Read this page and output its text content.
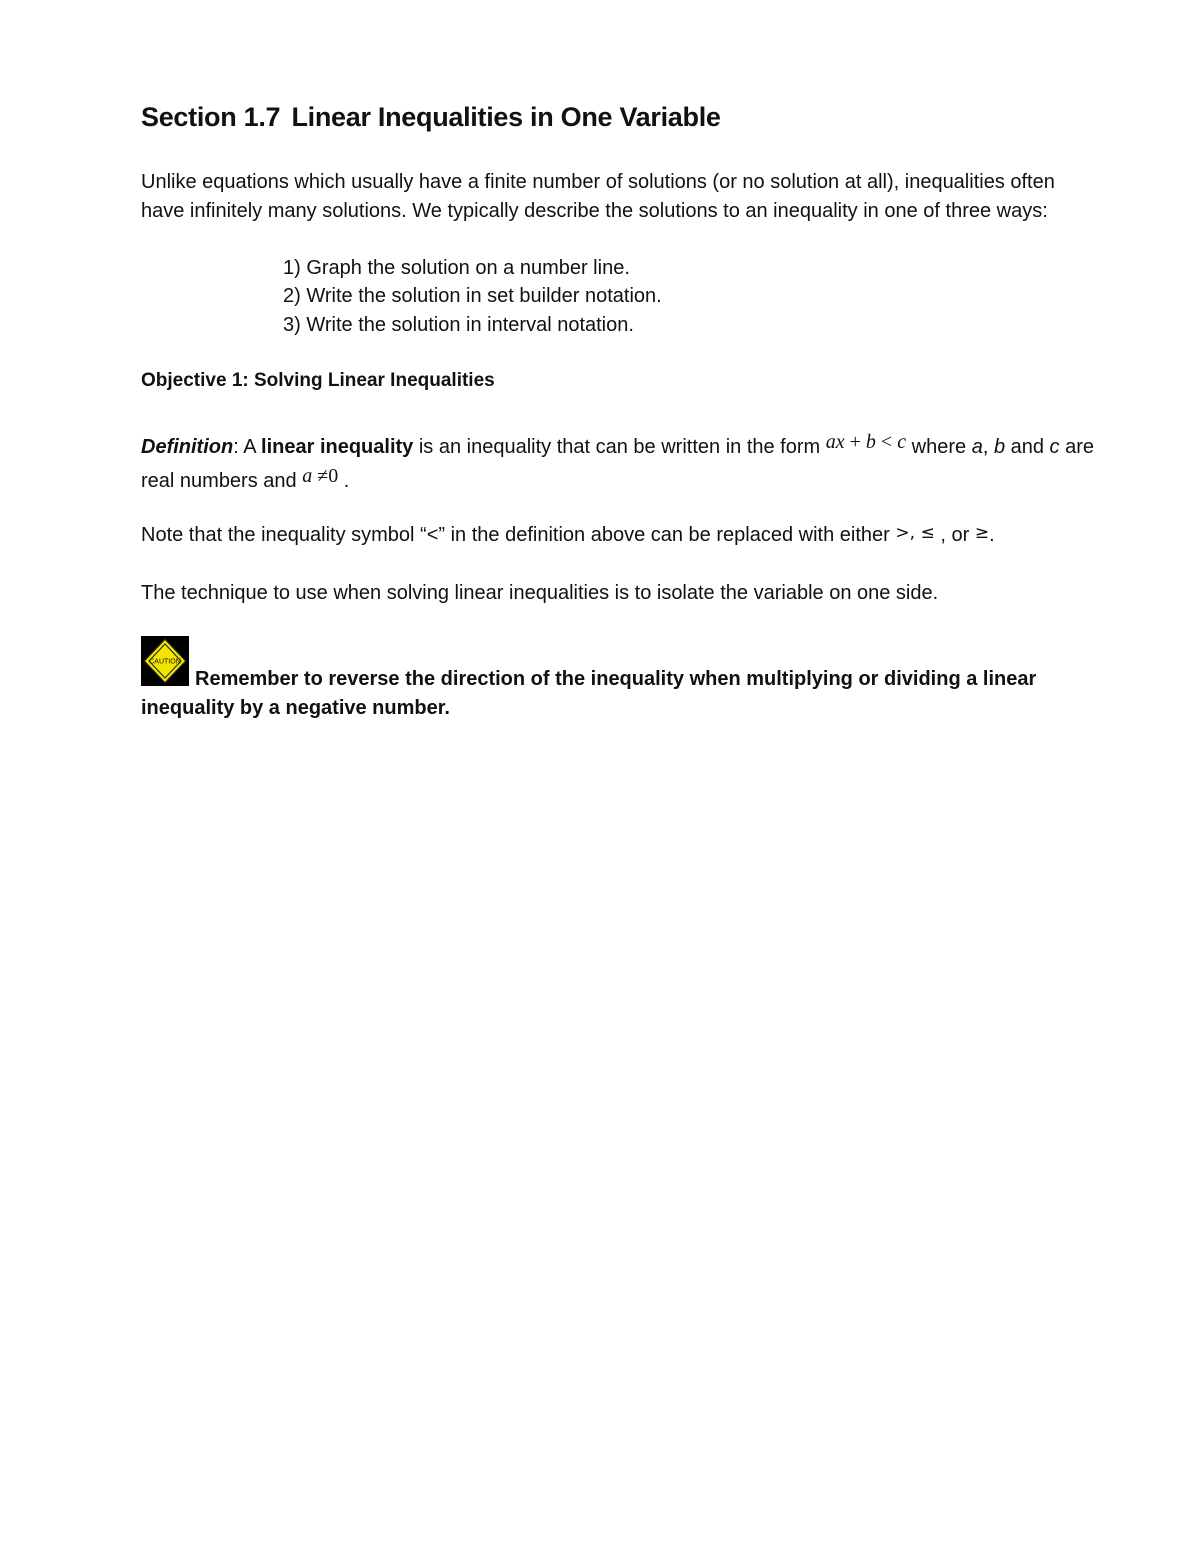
Section 1.7 Linear Inequalities in One Variable

Unlike equations which usually have a finite number of solutions (or no solution at all), inequalities often have infinitely many solutions. We typically describe the solutions to an inequality in one of three ways:

1) Graph the solution on a number line.
2) Write the solution in set builder notation.
3) Write the solution in interval notation.

Objective 1: Solving Linear Inequalities

Definition: A linear inequality is an inequality that can be written in the form ax + b < c where a, b and c are real numbers and a ≠0 .

Note that the inequality symbol “<” in the definition above can be replaced with either >, ≤ , or ≥.

The technique to use when solving linear inequalities is to isolate the variable on one side.

CAUTION

Remember to reverse the direction of the inequality when multiplying or dividing a linear inequality by a negative number.
